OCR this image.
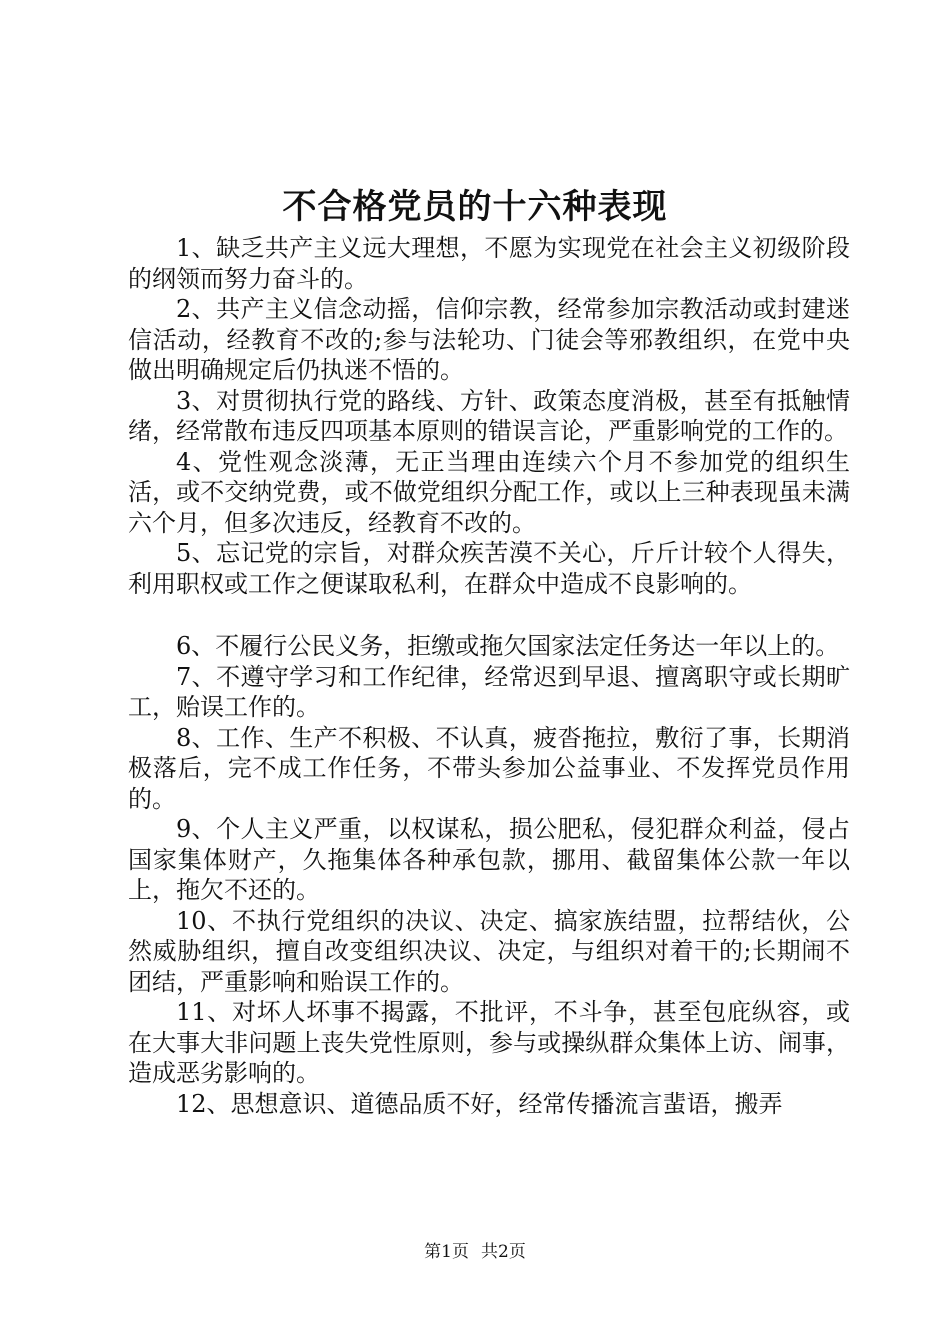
不合格党员的十六种表现

1、缺乏共产主义远大理想，不愿为实现党在社会主义初级阶段的纲领而努力奋斗的。

2、共产主义信念动摇，信仰宗教，经常参加宗教活动或封建迷信活动，经教育不改的;参与法轮功、门徒会等邪教组织，在党中央做出明确规定后仍执迷不悟的。

3、对贯彻执行党的路线、方针、政策态度消极，甚至有抵触情绪，经常散布违反四项基本原则的错误言论，严重影响党的工作的。

4、党性观念淡薄，无正当理由连续六个月不参加党的组织生活，或不交纳党费，或不做党组织分配工作，或以上三种表现虽未满六个月，但多次违反，经教育不改的。

5、忘记党的宗旨，对群众疾苦漠不关心，斤斤计较个人得失，利用职权或工作之便谋取私利，在群众中造成不良影响的。

6、不履行公民义务，拒缴或拖欠国家法定任务达一年以上的。

7、不遵守学习和工作纪律，经常迟到早退、擅离职守或长期旷工，贻误工作的。

8、工作、生产不积极、不认真，疲沓拖拉，敷衍了事，长期消极落后，完不成工作任务，不带头参加公益事业、不发挥党员作用的。

9、个人主义严重，以权谋私，损公肥私，侵犯群众利益，侵占国家集体财产，久拖集体各种承包款，挪用、截留集体公款一年以上，拖欠不还的。

10、不执行党组织的决议、决定、搞家族结盟，拉帮结伙，公然威胁组织，擅自改变组织决议、决定，与组织对着干的;长期闹不团结，严重影响和贻误工作的。

11、对坏人坏事不揭露，不批评，不斗争，甚至包庇纵容，或在大事大非问题上丧失党性原则，参与或操纵群众集体上访、闹事，造成恶劣影响的。

12、思想意识、道德品质不好，经常传播流言蜚语，搬弄

第1页 共2页
